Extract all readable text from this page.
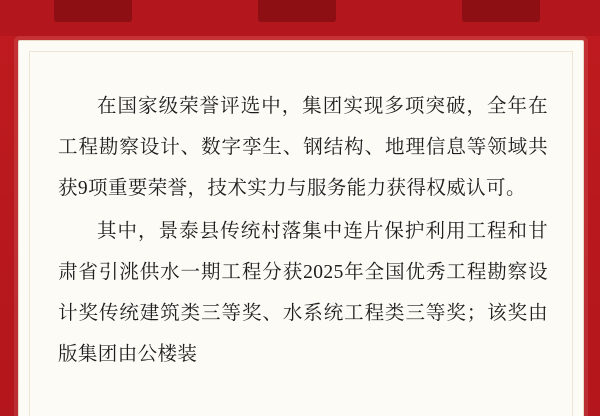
在国家级荣誉评选中，集团实现多项突破，全年在工程勘察设计、数字孪生、钢结构、地理信息等领域共获9项重要荣誉，技术实力与服务能力获得权威认可。

其中，景泰县传统村落集中连片保护利用工程和甘肃省引洮供水一期工程分获2025年全国优秀工程勘察设计奖传统建筑类三等奖、水系统工程类三等奖；该奖由版集团由公楼装
